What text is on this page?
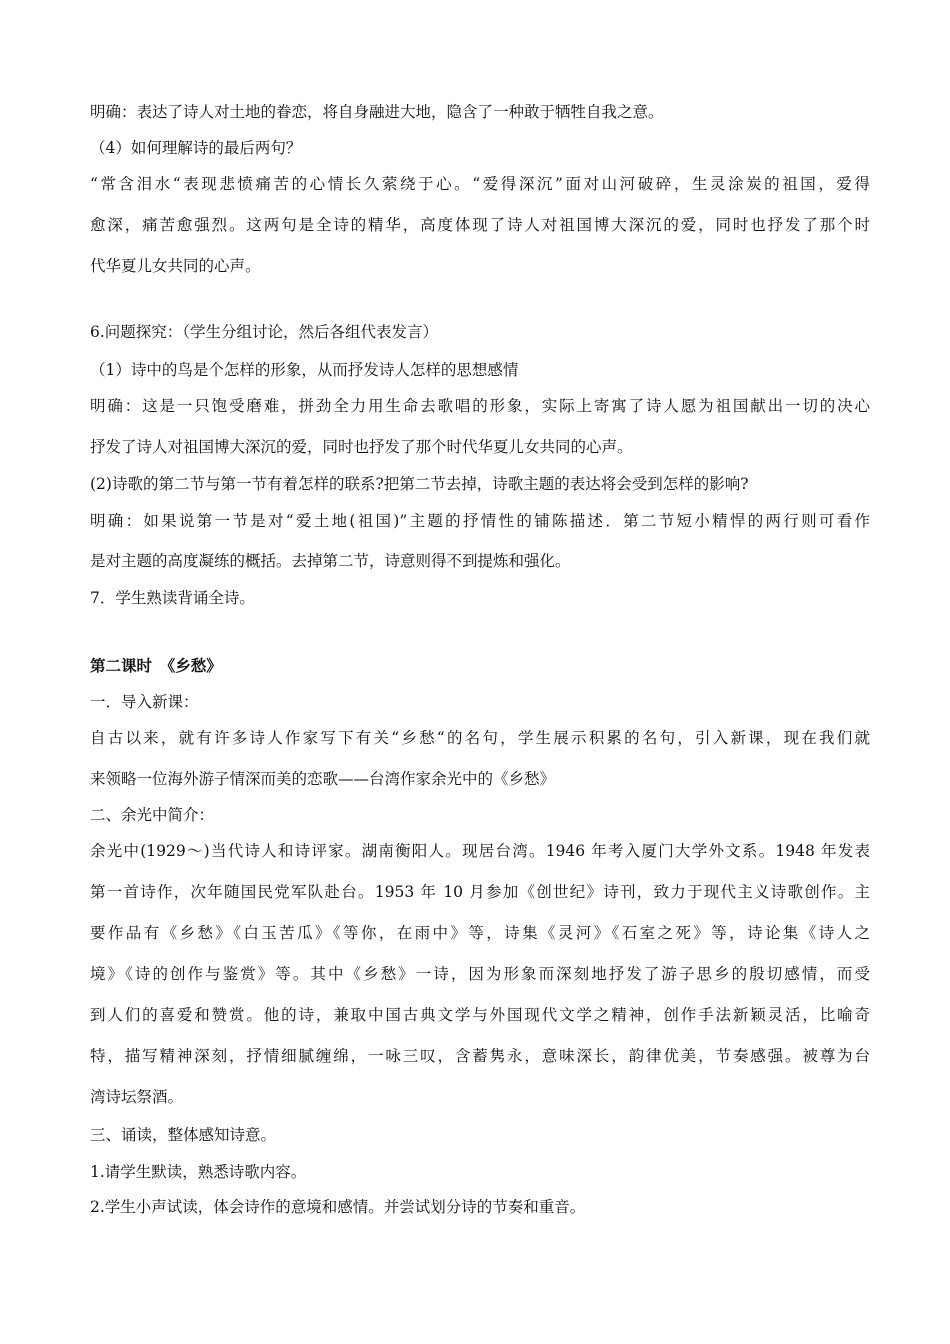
明确：表达了诗人对土地的眷恋，将自身融进大地，隐含了一种敢于牺牲自我之意。

（4）如何理解诗的最后两句？

“常含泪水“表现悲愤痛苦的心情长久萦绕于心。“爱得深沉”面对山河破碎，生灵涂炭的祖国，爱得

愈深，痛苦愈强烈。这两句是全诗的精华，高度体现了诗人对祖国博大深沉的爱，同时也抒发了那个时

代华夏儿女共同的心声。

6.问题探究：（学生分组讨论，然后各组代表发言）

（1）诗中的鸟是个怎样的形象，从而抒发诗人怎样的思想感情

明确：这是一只饱受磨难，拼劲全力用生命去歌唱的形象，实际上寄寓了诗人愿为祖国献出一切的决心

抒发了诗人对祖国博大深沉的爱，同时也抒发了那个时代华夏儿女共同的心声。

(2)诗歌的第二节与第一节有着怎样的联系?把第二节去掉，诗歌主题的表达将会受到怎样的影响?

明确：如果说第一节是对“爱土地(祖国)”主题的抒情性的铺陈描述．第二节短小精悍的两行则可看作

是对主题的高度凝练的概括。去掉第二节，诗意则得不到提炼和强化。

7．学生熟读背诵全诗。

第二课时　《乡愁》

一．导入新课：

自古以来，就有许多诗人作家写下有关“乡愁“的名句，学生展示积累的名句，引入新课，现在我们就

来领略一位海外游子情深而美的恋歌——台湾作家余光中的《乡愁》

二、余光中简介：

余光中(1929～)当代诗人和诗评家。湖南衡阳人。现居台湾。1946 年考入厦门大学外文系。1948 年发表

第一首诗作，次年随国民党军队赴台。1953 年 10 月参加《创世纪》诗刊，致力于现代主义诗歌创作。主

要作品有《乡愁》《白玉苦瓜》《等你，在雨中》等，诗集《灵河》《石室之死》等，诗论集《诗人之

境》《诗的创作与鉴赏》等。其中《乡愁》一诗，因为形象而深刻地抒发了游子思乡的殷切感情，而受

到人们的喜爱和赞赏。他的诗，兼取中国古典文学与外国现代文学之精神，创作手法新颖灵活，比喻奇

特，描写精神深刻，抒情细腻缠绵，一咏三叹，含蓄隽永，意味深长，韵律优美，节奏感强。被尊为台

湾诗坛祭酒。

三、诵读，整体感知诗意。

1.请学生默读，熟悉诗歌内容。

2.学生小声试读，体会诗作的意境和感情。并尝试划分诗的节奏和重音。
